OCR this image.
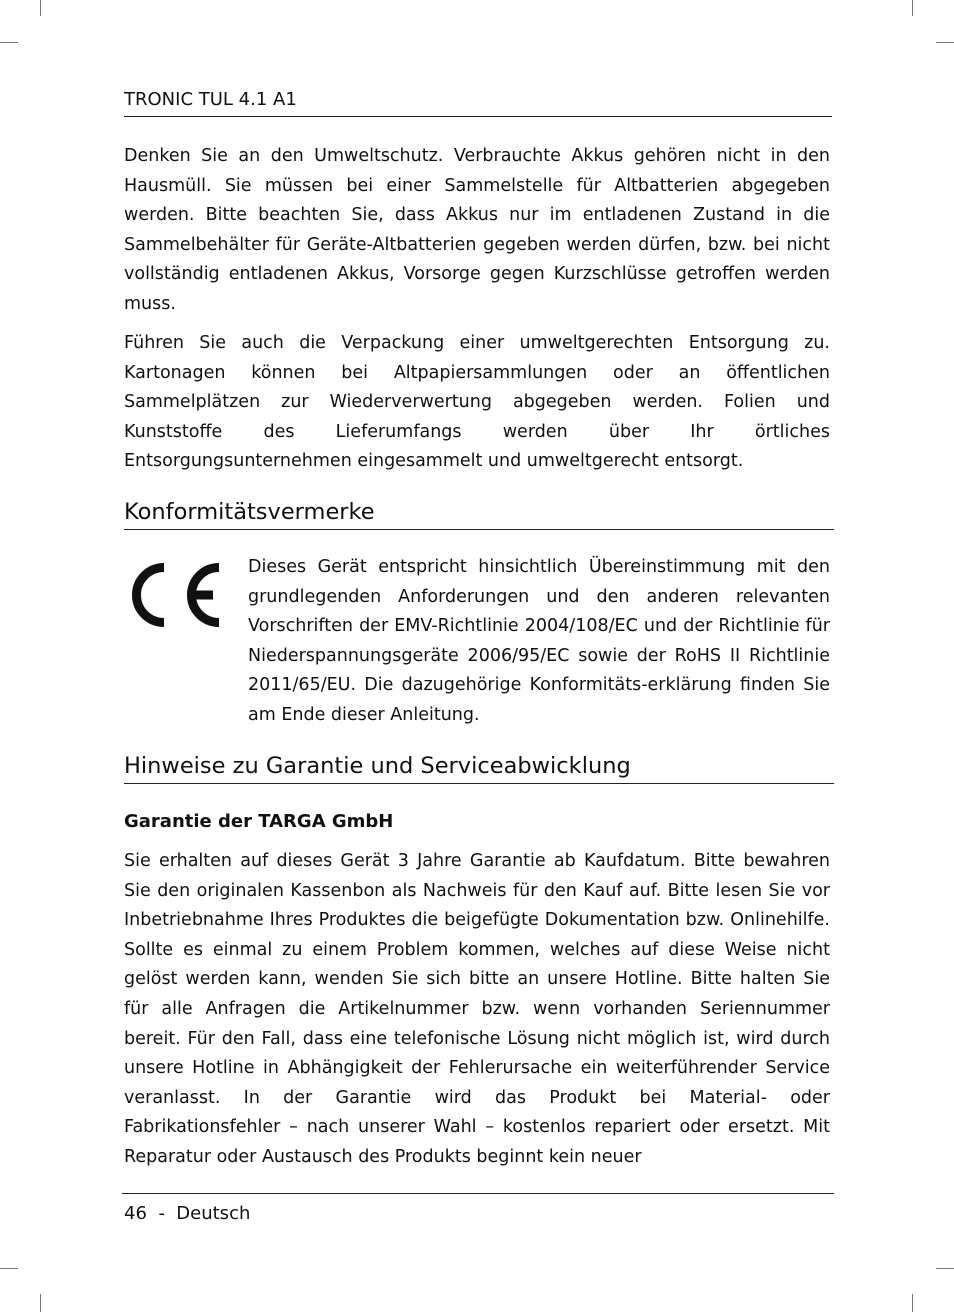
TRONIC TUL 4.1 A1

Denken Sie an den Umweltschutz. Verbrauchte Akkus gehören nicht in den Hausmüll. Sie müssen bei einer Sammelstelle für Altbatterien abgegeben werden. Bitte beachten Sie, dass Akkus nur im entladenen Zustand in die Sammelbehälter für Geräte-Altbatterien gegeben werden dürfen, bzw. bei nicht vollständig entladenen Akkus, Vorsorge gegen Kurzschlüsse getroffen werden muss.

Führen Sie auch die Verpackung einer umweltgerechten Entsorgung zu. Kartonagen können bei Altpapiersammlungen oder an öffentlichen Sammelplätzen zur Wiederverwertung abgegeben werden. Folien und Kunststoffe des Lieferumfangs werden über Ihr örtliches Entsorgungsunternehmen eingesammelt und umweltgerecht entsorgt.

Konformitätsvermerke

Dieses Gerät entspricht hinsichtlich Übereinstimmung mit den grundlegenden Anforderungen und den anderen relevanten Vorschriften der EMV-Richtlinie 2004/108/EC und der Richtlinie für Niederspannungsgeräte 2006/95/EC sowie der RoHS II Richtlinie 2011/65/EU. Die dazugehörige Konformitäts-erklärung finden Sie am Ende dieser Anleitung.

Hinweise zu Garantie und Serviceabwicklung
Garantie der TARGA GmbH

Sie erhalten auf dieses Gerät 3 Jahre Garantie ab Kaufdatum. Bitte bewahren Sie den originalen Kassenbon als Nachweis für den Kauf auf. Bitte lesen Sie vor Inbetriebnahme Ihres Produktes die beigefügte Dokumentation bzw. Onlinehilfe. Sollte es einmal zu einem Problem kommen, welches auf diese Weise nicht gelöst werden kann, wenden Sie sich bitte an unsere Hotline. Bitte halten Sie für alle Anfragen die Artikelnummer bzw. wenn vorhanden Seriennummer bereit. Für den Fall, dass eine telefonische Lösung nicht möglich ist, wird durch unsere Hotline in Abhängigkeit der Fehlerursache ein weiterführender Service veranlasst. In der Garantie wird das Produkt bei Material- oder Fabrikationsfehler – nach unserer Wahl – kostenlos repariert oder ersetzt. Mit Reparatur oder Austausch des Produkts beginnt kein neuer

46  -  Deutsch
